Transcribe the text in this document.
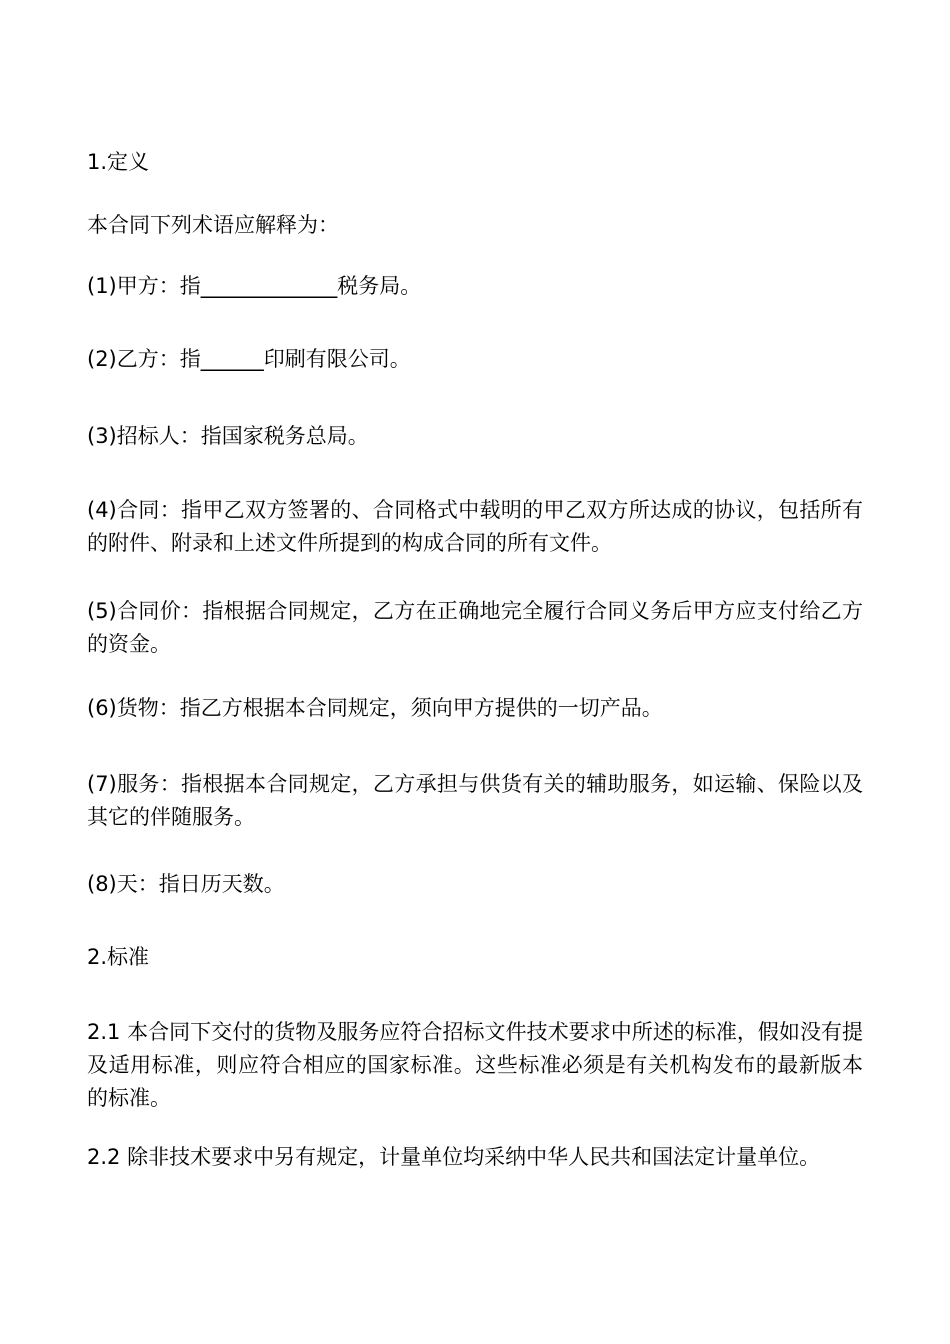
1.定义

本合同下列术语应解释为：

(1)甲方：指_____________税务局。

(2)乙方：指______印刷有限公司。

(3)招标人：指国家税务总局。

(4)合同：指甲乙双方签署的、合同格式中载明的甲乙双方所达成的协议，包括所有的附件、附录和上述文件所提到的构成合同的所有文件。

(5)合同价：指根据合同规定，乙方在正确地完全履行合同义务后甲方应支付给乙方的资金。

(6)货物：指乙方根据本合同规定，须向甲方提供的一切产品。

(7)服务：指根据本合同规定，乙方承担与供货有关的辅助服务，如运输、保险以及其它的伴随服务。

(8)天：指日历天数。

2.标准

2.1 本合同下交付的货物及服务应符合招标文件技术要求中所述的标准，假如没有提及适用标准，则应符合相应的国家标准。这些标准必须是有关机构发布的最新版本的标准。

2.2 除非技术要求中另有规定，计量单位均采纳中华人民共和国法定计量单位。
